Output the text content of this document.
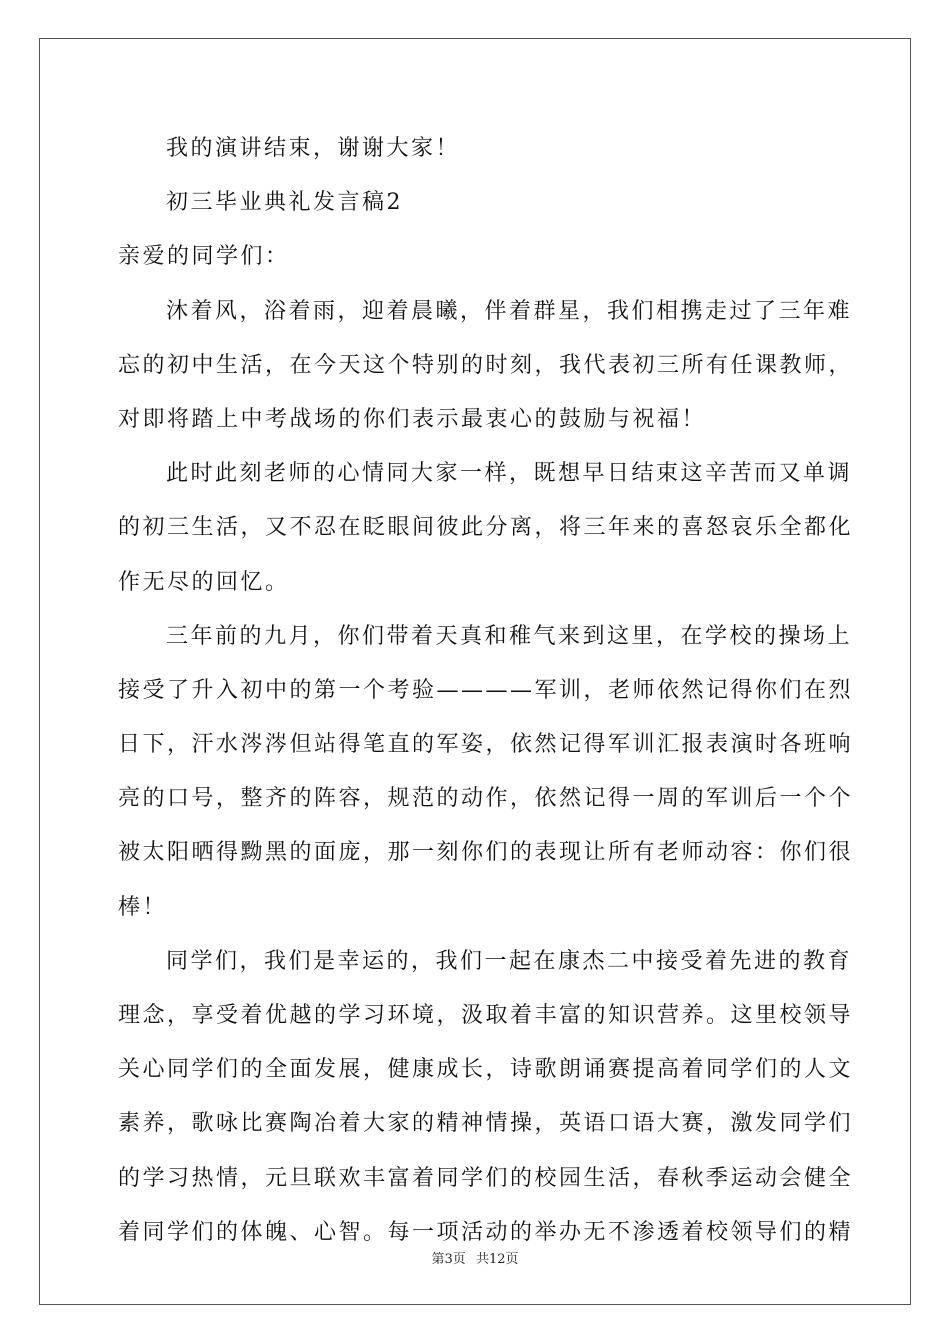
我的演讲结束，谢谢大家！
初三毕业典礼发言稿2
亲爱的同学们：
沐着风，浴着雨，迎着晨曦，伴着群星，我们相携走过了三年难
忘的初中生活，在今天这个特别的时刻，我代表初三所有任课教师，
对即将踏上中考战场的你们表示最衷心的鼓励与祝福！
此时此刻老师的心情同大家一样，既想早日结束这辛苦而又单调
的初三生活，又不忍在眨眼间彼此分离，将三年来的喜怒哀乐全都化
作无尽的回忆。
三年前的九月，你们带着天真和稚气来到这里，在学校的操场上
接受了升入初中的第一个考验————军训，老师依然记得你们在烈
日下，汗水涔涔但站得笔直的军姿，依然记得军训汇报表演时各班响
亮的口号，整齐的阵容，规范的动作，依然记得一周的军训后一个个
被太阳晒得黝黑的面庞，那一刻你们的表现让所有老师动容：你们很
棒！
同学们，我们是幸运的，我们一起在康杰二中接受着先进的教育
理念，享受着优越的学习环境，汲取着丰富的知识营养。这里校领导
关心同学们的全面发展，健康成长，诗歌朗诵赛提高着同学们的人文
素养，歌咏比赛陶冶着大家的精神情操，英语口语大赛，激发同学们
的学习热情，元旦联欢丰富着同学们的校园生活，春秋季运动会健全
着同学们的体魄、心智。每一项活动的举办无不渗透着校领导们的精
第3页 共12页
